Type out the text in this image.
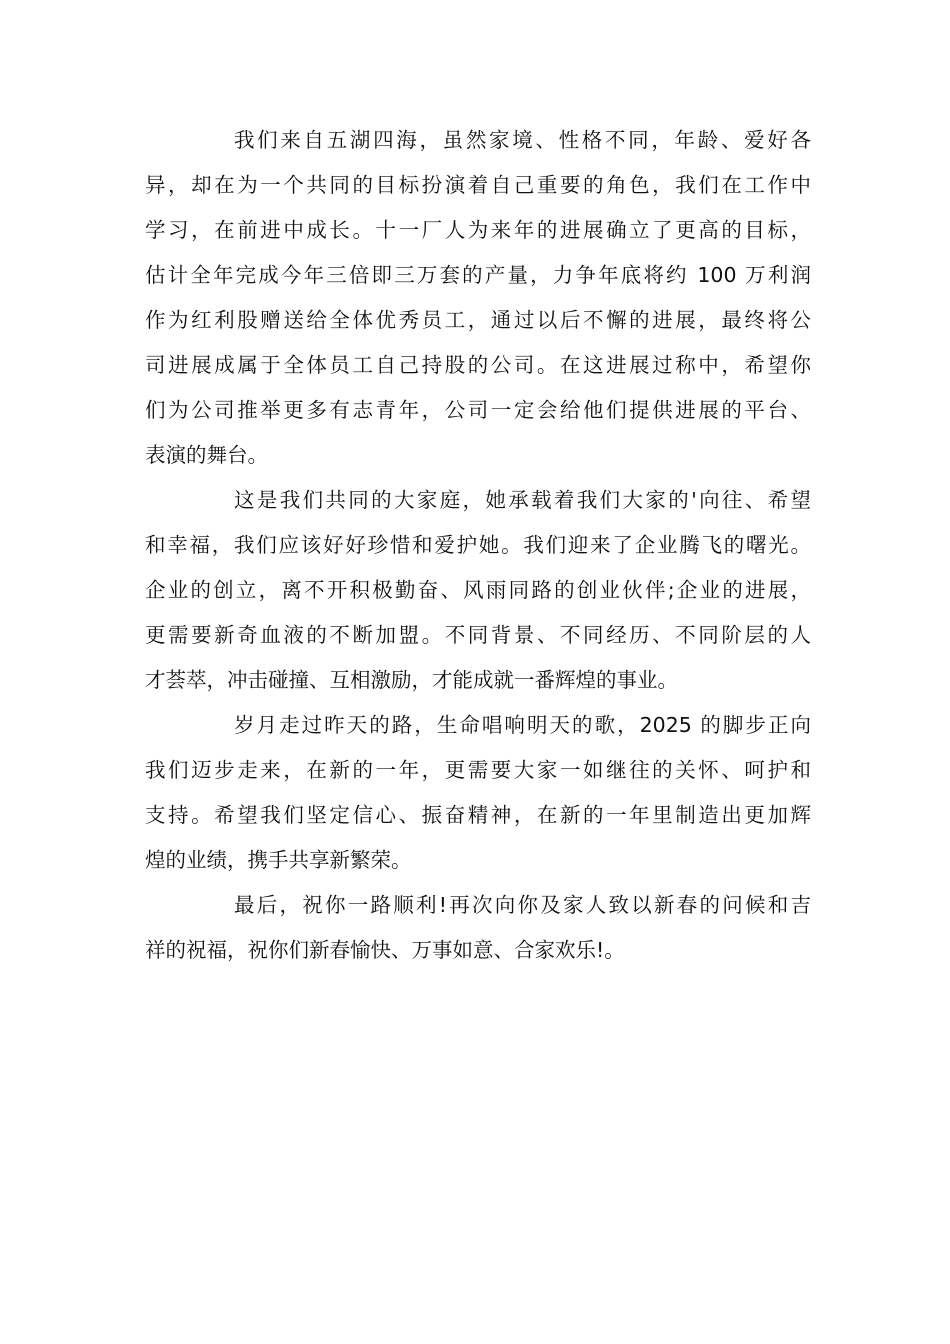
我们来自五湖四海，虽然家境、性格不同，年龄、爱好各
异，却在为一个共同的目标扮演着自己重要的角色，我们在工作中
学习，在前进中成长。十一厂人为来年的进展确立了更高的目标，
估计全年完成今年三倍即三万套的产量，力争年底将约 100 万利润
作为红利股赠送给全体优秀员工，通过以后不懈的进展，最终将公
司进展成属于全体员工自己持股的公司。在这进展过称中，希望你
们为公司推举更多有志青年，公司一定会给他们提供进展的平台、
表演的舞台。
这是我们共同的大家庭，她承载着我们大家的'向往、希望
和幸福，我们应该好好珍惜和爱护她。我们迎来了企业腾飞的曙光。
企业的创立，离不开积极勤奋、风雨同路的创业伙伴;企业的进展，
更需要新奇血液的不断加盟。不同背景、不同经历、不同阶层的人
才荟萃，冲击碰撞、互相激励，才能成就一番辉煌的事业。
岁月走过昨天的路，生命唱响明天的歌，2025 的脚步正向
我们迈步走来，在新的一年，更需要大家一如继往的关怀、呵护和
支持。希望我们坚定信心、振奋精神，在新的一年里制造出更加辉
煌的业绩，携手共享新繁荣。
最后，祝你一路顺利!再次向你及家人致以新春的问候和吉
祥的祝福，祝你们新春愉快、万事如意、合家欢乐!。
